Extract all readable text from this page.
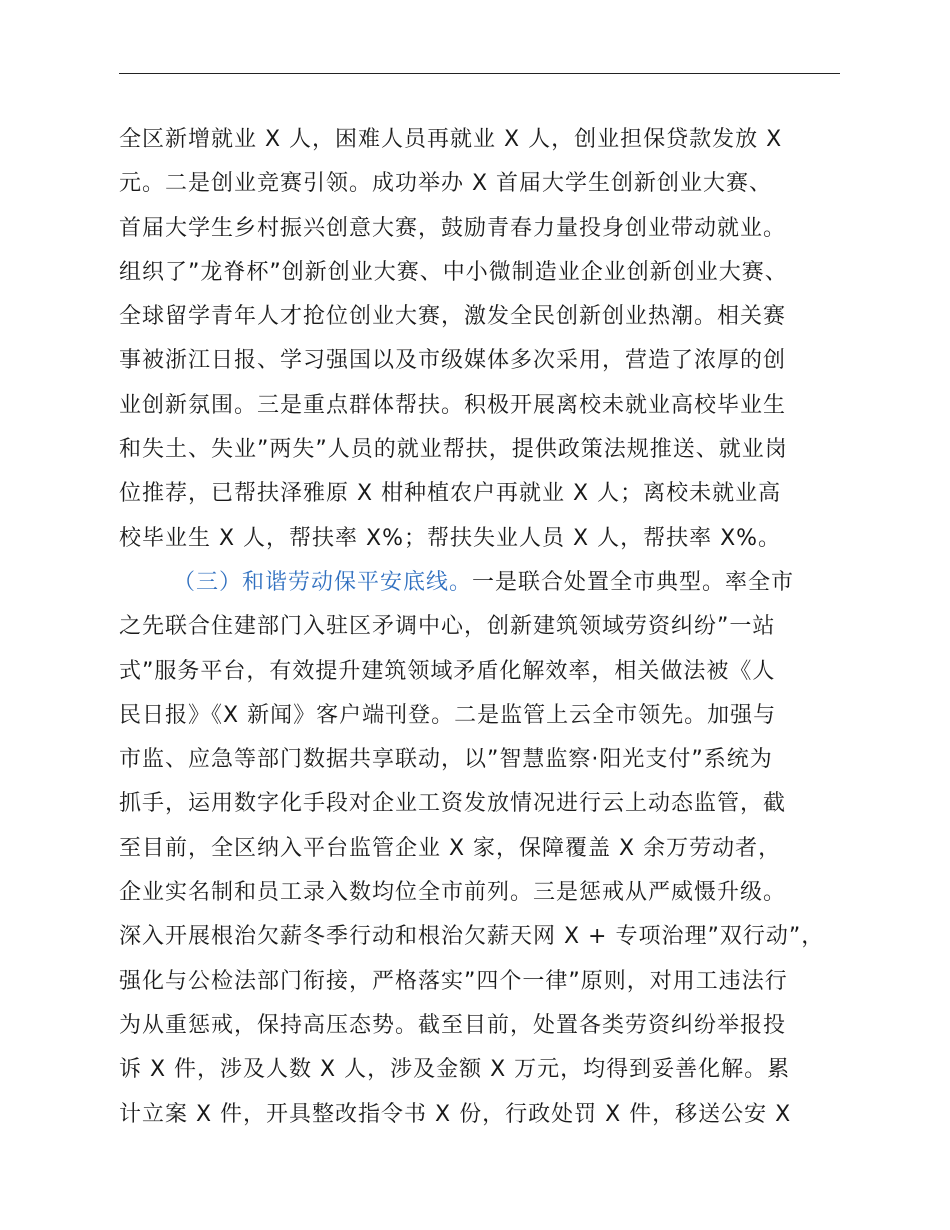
全区新增就业 X 人，困难人员再就业 X 人，创业担保贷款发放 X
元。二是创业竞赛引领。成功举办 X 首届大学生创新创业大赛、
首届大学生乡村振兴创意大赛，鼓励青春力量投身创业带动就业。
组织了”龙脊杯”创新创业大赛、中小微制造业企业创新创业大赛、
全球留学青年人才抢位创业大赛，激发全民创新创业热潮。相关赛
事被浙江日报、学习强国以及市级媒体多次采用，营造了浓厚的创
业创新氛围。三是重点群体帮扶。积极开展离校未就业高校毕业生
和失土、失业”两失”人员的就业帮扶，提供政策法规推送、就业岗
位推荐，已帮扶泽雅原 X 柑种植农户再就业 X 人；离校未就业高
校毕业生 X 人，帮扶率 X%；帮扶失业人员 X 人，帮扶率 X%。
（三）和谐劳动保平安底线。一是联合处置全市典型。率全市
之先联合住建部门入驻区矛调中心，创新建筑领域劳资纠纷”一站
式”服务平台，有效提升建筑领域矛盾化解效率，相关做法被《人
民日报》《X 新闻》客户端刊登。二是监管上云全市领先。加强与
市监、应急等部门数据共享联动，以”智慧监察·阳光支付”系统为
抓手，运用数字化手段对企业工资发放情况进行云上动态监管，截
至目前，全区纳入平台监管企业 X 家，保障覆盖 X 余万劳动者，
企业实名制和员工录入数均位全市前列。三是惩戒从严威慑升级。
深入开展根治欠薪冬季行动和根治欠薪天网 X + 专项治理”双行动”，
强化与公检法部门衔接，严格落实”四个一律”原则，对用工违法行
为从重惩戒，保持高压态势。截至目前，处置各类劳资纠纷举报投
诉 X 件，涉及人数 X 人，涉及金额 X 万元，均得到妥善化解。累
计立案 X 件，开具整改指令书 X 份，行政处罚 X 件，移送公安 X
